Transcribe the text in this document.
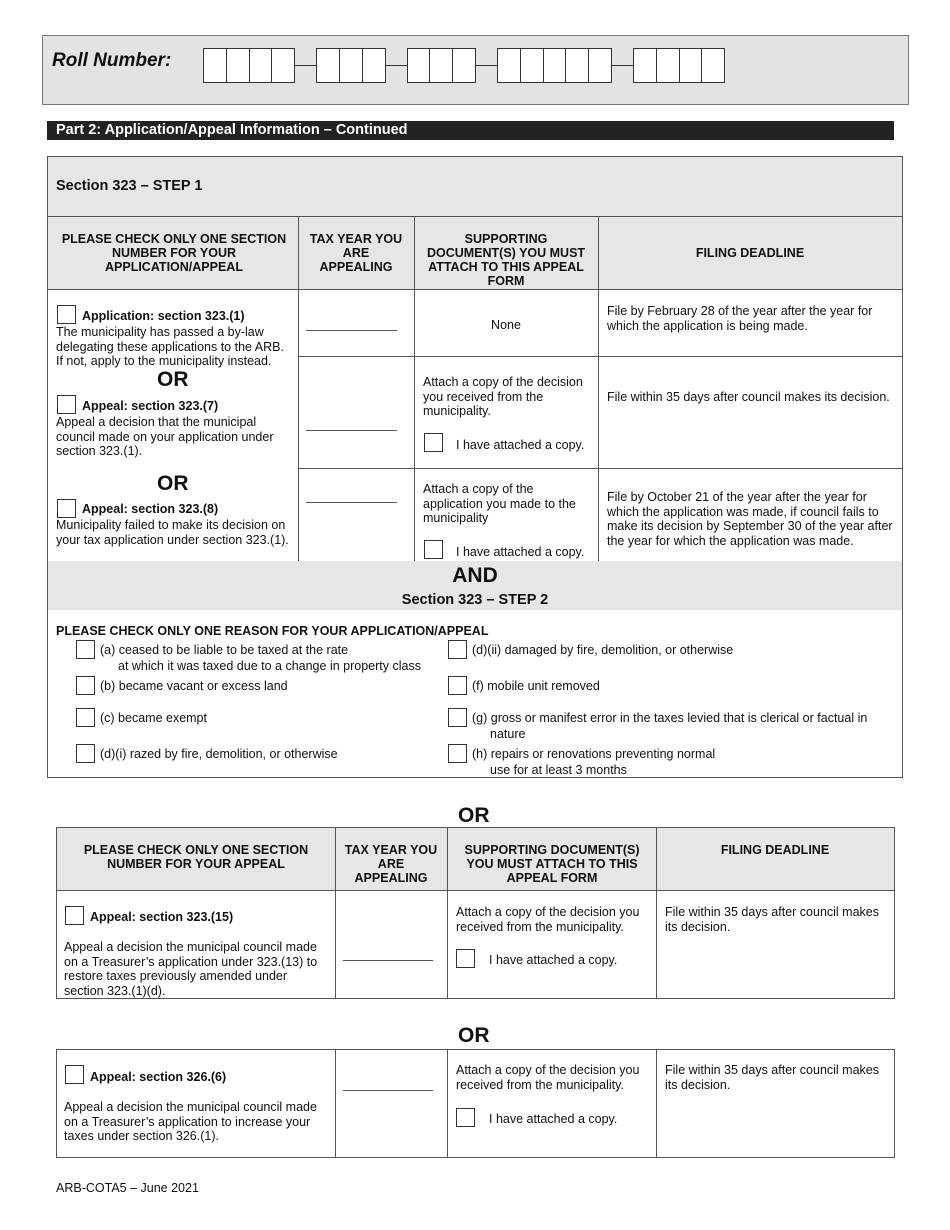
Roll Number:
Part 2: Application/Appeal Information – Continued
Section 323 – STEP 1
PLEASE CHECK ONLY ONE SECTION NUMBER FOR YOUR APPLICATION/APPEAL
TAX YEAR YOU ARE APPEALING
SUPPORTING DOCUMENT(S) YOU MUST ATTACH TO THIS APPEAL FORM
FILING DEADLINE
Application: section 323.(1)
The municipality has passed a by-law delegating these applications to the ARB. If not, apply to the municipality instead.
None
File by February 28 of the year after the year for which the application is being made.
OR
Appeal: section 323.(7)
Appeal a decision that the municipal council made on your application under section 323.(1).
Attach a copy of the decision you received from the municipality.
I have attached a copy.
File within 35 days after council makes its decision.
OR
Appeal: section 323.(8)
Municipality failed to make its decision on your tax application under section 323.(1).
Attach a copy of the application you made to the municipality
I have attached a copy.
File by October 21 of the year after the year for which the application was made, if council fails to make its decision by September 30 of the year after the year for which the application was made.
AND
Section 323 – STEP 2
PLEASE CHECK ONLY ONE REASON FOR YOUR APPLICATION/APPEAL
(a) ceased to be liable to be taxed at the rate
at which it was taxed due to a change in property class
(b) became vacant or excess land
(c) became exempt
(d)(i) razed by fire, demolition, or otherwise
(d)(ii) damaged by fire, demolition, or otherwise
(f) mobile unit removed
(g) gross or manifest error in the taxes levied that is clerical or factual in
nature
(h) repairs or renovations preventing normal
use for at least 3 months
OR
PLEASE CHECK ONLY ONE SECTION NUMBER FOR YOUR APPEAL
TAX YEAR YOU ARE APPEALING
SUPPORTING DOCUMENT(S) YOU MUST ATTACH TO THIS APPEAL FORM
FILING DEADLINE
Appeal: section 323.(15)
Appeal a decision the municipal council made on a Treasurer’s application under 323.(13) to restore taxes previously amended under section 323.(1)(d).
Attach a copy of the decision you received from the municipality.
I have attached a copy.
File within 35 days after council makes its decision.
OR
Appeal: section 326.(6)
Appeal a decision the municipal council made on a Treasurer’s application to increase your taxes under section 326.(1).
Attach a copy of the decision you received from the municipality.
I have attached a copy.
File within 35 days after council makes its decision.
ARB-COTA5 – June 2021
